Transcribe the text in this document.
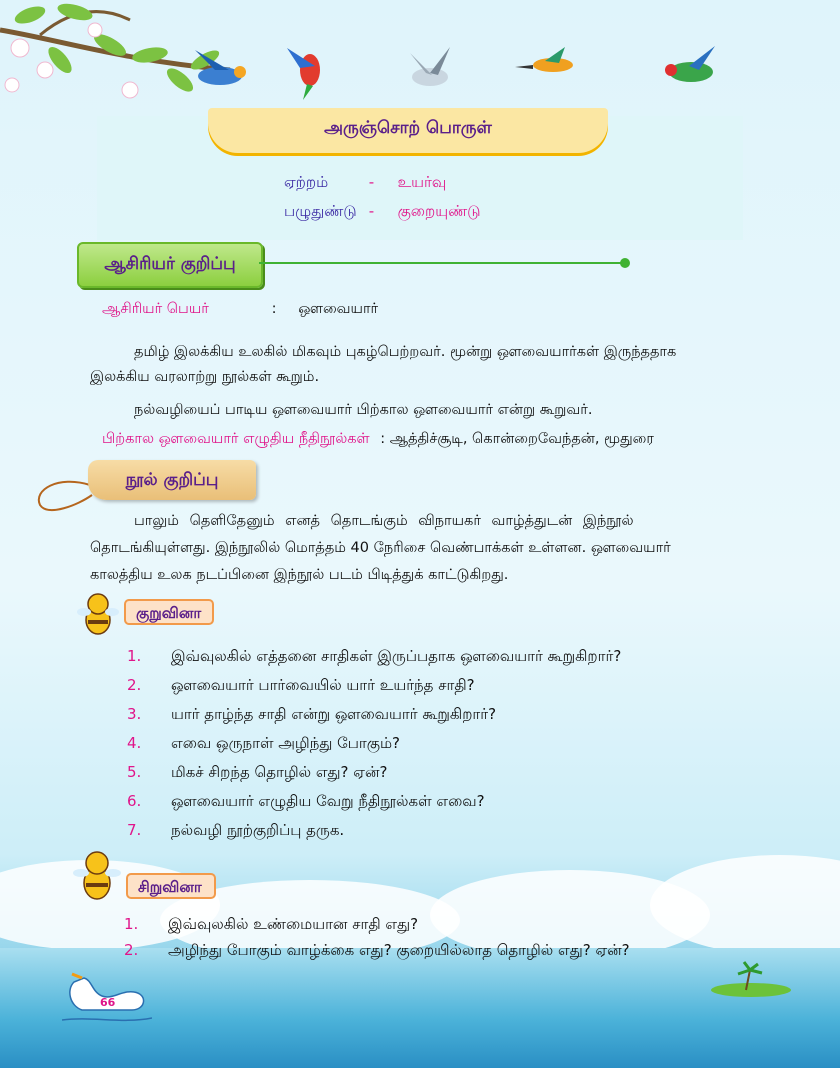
அருஞ்சொற் பொருள்
ஏற்றம்	- உயர்வு
பழுதுண்டு - குறையுண்டு
ஆசிரியர் குறிப்பு
ஆசிரியர் பெயர்	: ஔவையார்
தமிழ் இலக்கிய உலகில் மிகவும் புகழ்பெற்றவர். மூன்று ஔவையார்கள் இருந்ததாக
இலக்கிய வரலாற்று நூல்கள் கூறும்.
நல்வழியைப் பாடிய ஔவையார் பிற்கால ஔவையார் என்று கூறுவர்.
பிற்கால ஔவையார் எழுதிய நீதிநூல்கள் : ஆத்திச்சூடி, கொன்றைவேந்தன், மூதுரை
நூல் குறிப்பு
பாலும் தெளிதேனும் எனத் தொடங்கும் விநாயகர் வாழ்த்துடன் இந்நூல்
தொடங்கியுள்ளது. இந்நூலில் மொத்தம் 40 நேரிசை வெண்பாக்கள் உள்ளன. ஔவையார்
காலத்திய உலக நடப்பினை இந்நூல் படம் பிடித்துக் காட்டுகிறது.
குறுவினா
1. இவ்வுலகில் எத்தனை சாதிகள் இருப்பதாக ஔவையார் கூறுகிறார்?
2. ஔவையார் பார்வையில் யார் உயர்ந்த சாதி?
3. யார் தாழ்ந்த சாதி என்று ஔவையார் கூறுகிறார்?
4. எவை ஒருநாள் அழிந்து போகும்?
5. மிகச் சிறந்த தொழில் எது? ஏன்?
6. ஔவையார் எழுதிய வேறு நீதிநூல்கள் எவை?
7. நல்வழி நூற்குறிப்பு தருக.
சிறுவினா
1. இவ்வுலகில் உண்மையான சாதி எது?
2. அழிந்து போகும் வாழ்க்கை எது? குறையில்லாத தொழில் எது? ஏன்?
66
